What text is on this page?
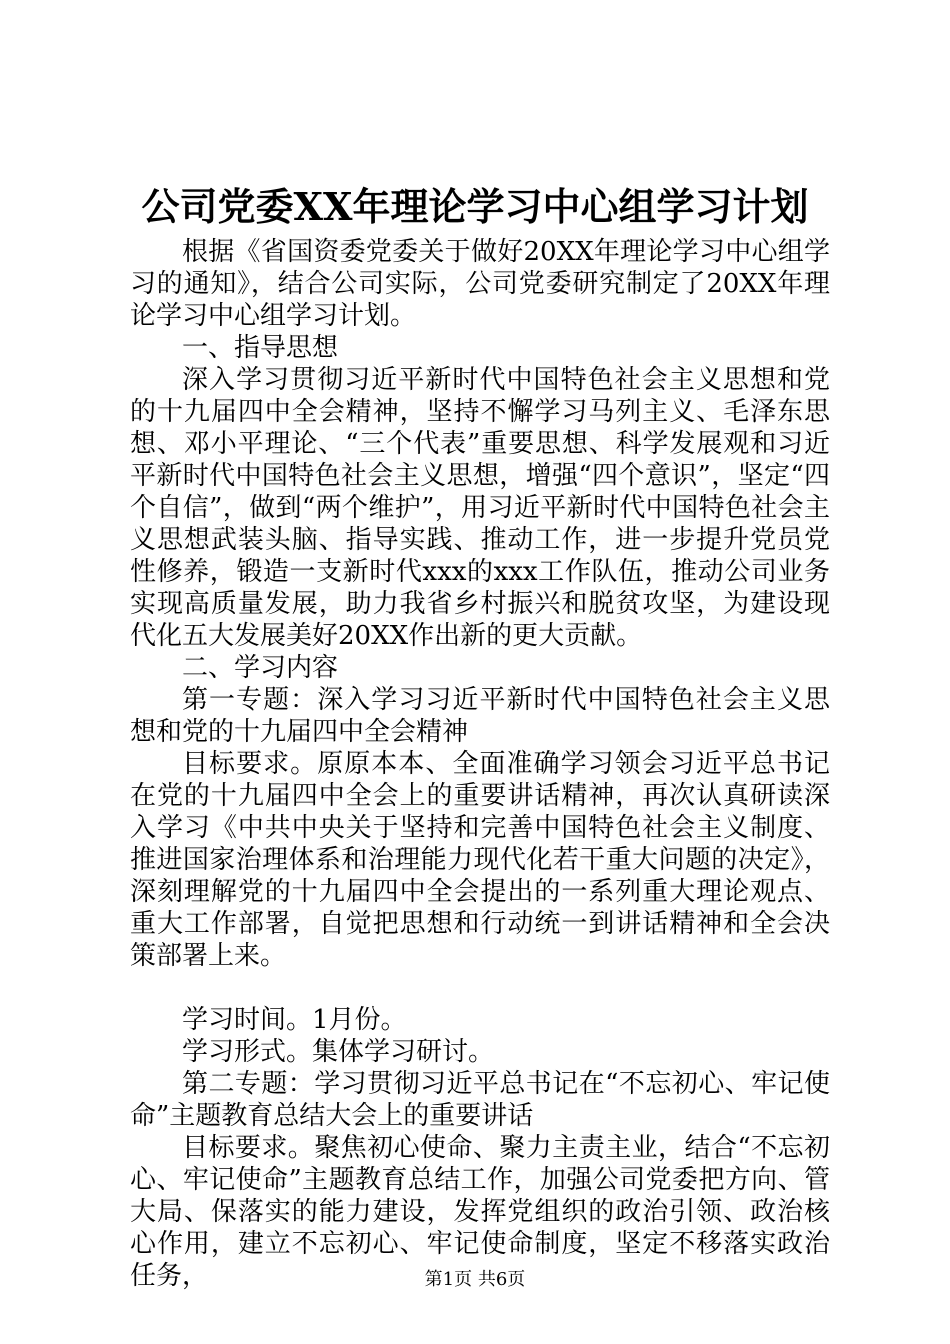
公司党委XX年理论学习中心组学习计划

根据《省国资委党委关于做好20XX年理论学习中心组学习的通知》，结合公司实际，公司党委研究制定了20XX年理论学习中心组学习计划。

一、指导思想

深入学习贯彻习近平新时代中国特色社会主义思想和党的十九届四中全会精神，坚持不懈学习马列主义、毛泽东思想、邓小平理论、“三个代表”重要思想、科学发展观和习近平新时代中国特色社会主义思想，增强“四个意识”，坚定“四个自信”，做到“两个维护”，用习近平新时代中国特色社会主义思想武装头脑、指导实践、推动工作，进一步提升党员党性修养，锻造一支新时代xxx的xxx工作队伍，推动公司业务实现高质量发展，助力我省乡村振兴和脱贫攻坚，为建设现代化五大发展美好20XX作出新的更大贡献。

二、学习内容

第一专题：深入学习习近平新时代中国特色社会主义思想和党的十九届四中全会精神

目标要求。原原本本、全面准确学习领会习近平总书记在党的十九届四中全会上的重要讲话精神，再次认真研读深入学习《中共中央关于坚持和完善中国特色社会主义制度、推进国家治理体系和治理能力现代化若干重大问题的决定》，深刻理解党的十九届四中全会提出的一系列重大理论观点、重大工作部署，自觉把思想和行动统一到讲话精神和全会决策部署上来。

学习时间。1月份。

学习形式。集体学习研讨。

第二专题：学习贯彻习近平总书记在“不忘初心、牢记使命”主题教育总结大会上的重要讲话

目标要求。聚焦初心使命、聚力主责主业，结合“不忘初心、牢记使命”主题教育总结工作，加强公司党委把方向、管大局、保落实的能力建设，发挥党组织的政治引领、政治核心作用，建立不忘初心、牢记使命制度，坚定不移落实政治任务，	第1页 共6页
